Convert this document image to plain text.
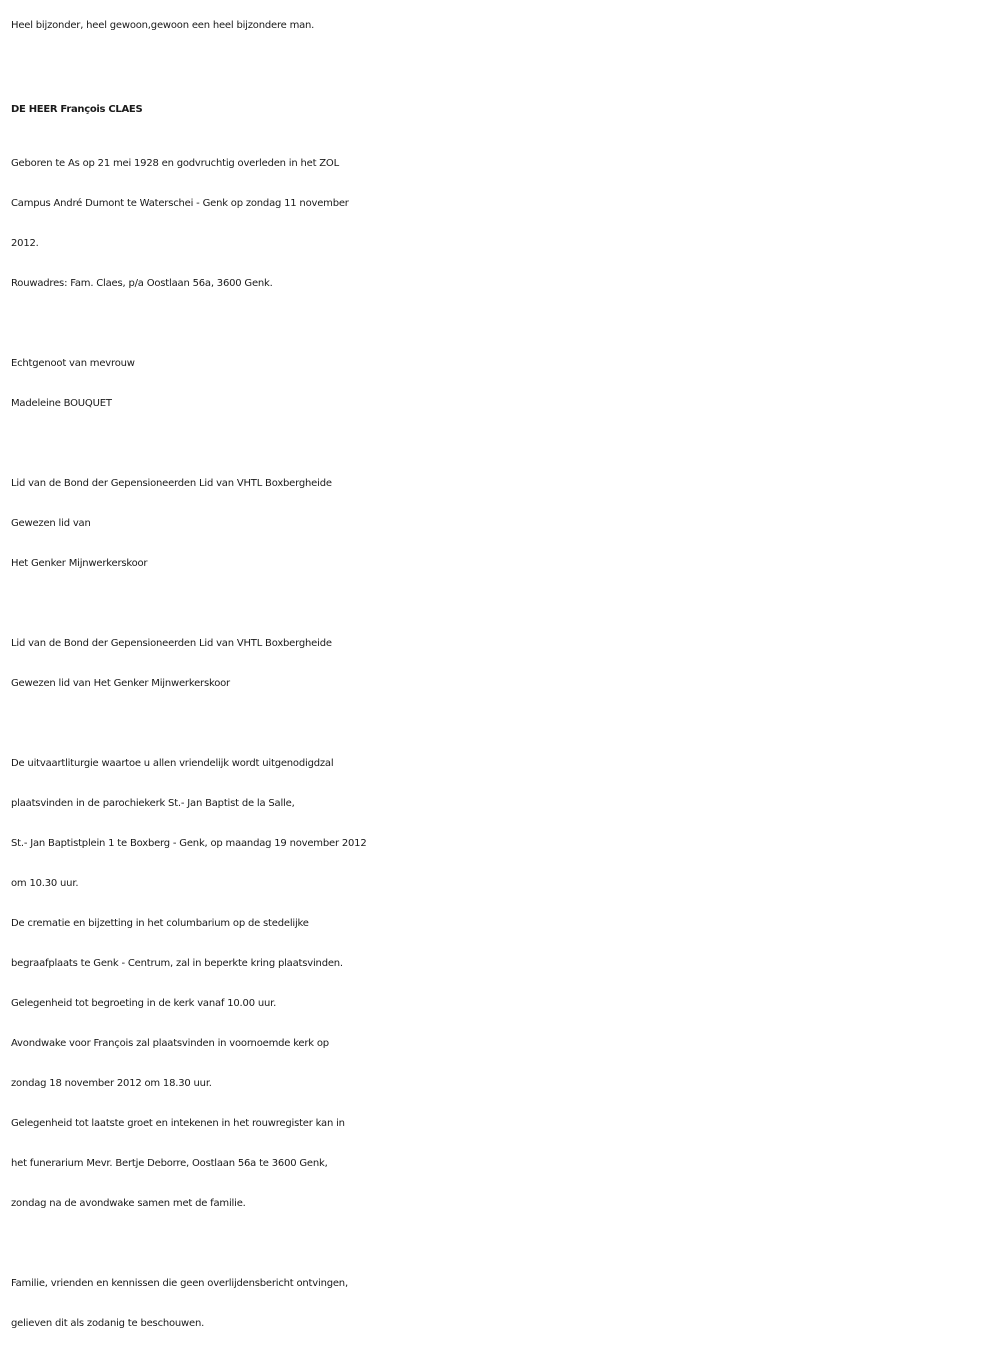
Heel bijzonder, heel gewoon,gewoon een heel bijzondere man.
DE HEER François CLAES
Geboren te As op 21 mei 1928 en godvruchtig overleden in het ZOL
Campus André Dumont te Waterschei - Genk op zondag 11 november
2012.
Rouwadres: Fam. Claes, p/a Oostlaan 56a, 3600 Genk.
Echtgenoot van mevrouw
Madeleine BOUQUET
Lid van de Bond der Gepensioneerden Lid van VHTL Boxbergheide
Gewezen lid van
Het Genker Mijnwerkerskoor
Lid van de Bond der Gepensioneerden Lid van VHTL Boxbergheide
Gewezen lid van Het Genker Mijnwerkerskoor
De uitvaartliturgie waartoe u allen vriendelijk wordt uitgenodigdzal
plaatsvinden in de parochiekerk St.- Jan Baptist de la Salle,
St.- Jan Baptistplein 1 te Boxberg - Genk, op maandag 19 november 2012
om 10.30 uur.
De crematie en bijzetting in het columbarium op de stedelijke
begraafplaats te Genk - Centrum, zal in beperkte kring plaatsvinden.
Gelegenheid tot begroeting in de kerk vanaf 10.00 uur.
Avondwake voor François zal plaatsvinden in voornoemde kerk op
zondag 18 november 2012 om 18.30 uur.
Gelegenheid tot laatste groet en intekenen in het rouwregister kan in
het funerarium Mevr. Bertje Deborre, Oostlaan 56a te 3600 Genk,
zondag na de avondwake samen met de familie.
Familie, vrienden en kennissen die geen overlijdensbericht ontvingen,
gelieven dit als zodanig te beschouwen.
